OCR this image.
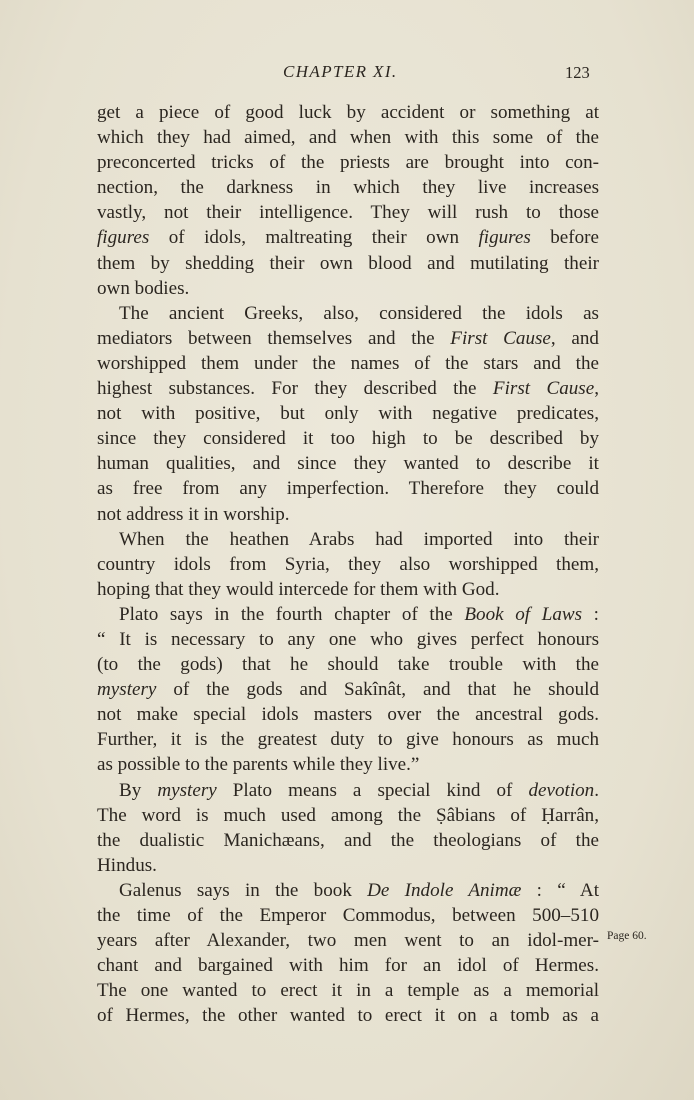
CHAPTER XI.	123
get a piece of good luck by accident or something at
which they had aimed, and when with this some of the
preconcerted tricks of the priests are brought into con-
nection, the darkness in which they live increases
vastly, not their intelligence. They will rush to those
figures of idols, maltreating their own figures before
them by shedding their own blood and mutilating their
own bodies.
The ancient Greeks, also, considered the idols as
mediators between themselves and the First Cause, and
worshipped them under the names of the stars and the
highest substances. For they described the First Cause,
not with positive, but only with negative predicates,
since they considered it too high to be described by
human qualities, and since they wanted to describe it
as free from any imperfection. Therefore they could
not address it in worship.
When the heathen Arabs had imported into their
country idols from Syria, they also worshipped them,
hoping that they would intercede for them with God.
Plato says in the fourth chapter of the Book of Laws :
“ It is necessary to any one who gives perfect honours
(to the gods) that he should take trouble with the
mystery of the gods and Sakînât, and that he should
not make special idols masters over the ancestral gods.
Further, it is the greatest duty to give honours as much
as possible to the parents while they live.”
By mystery Plato means a special kind of devotion.
The word is much used among the Ṣâbians of Ḥarrân,
the dualistic Manichæans, and the theologians of the
Hindus.
Galenus says in the book De Indole Animæ : “ At
the time of the Emperor Commodus, between 500–510
years after Alexander, two men went to an idol-mer-
chant and bargained with him for an idol of Hermes.
The one wanted to erect it in a temple as a memorial
of Hermes, the other wanted to erect it on a tomb as a
Page 60.
